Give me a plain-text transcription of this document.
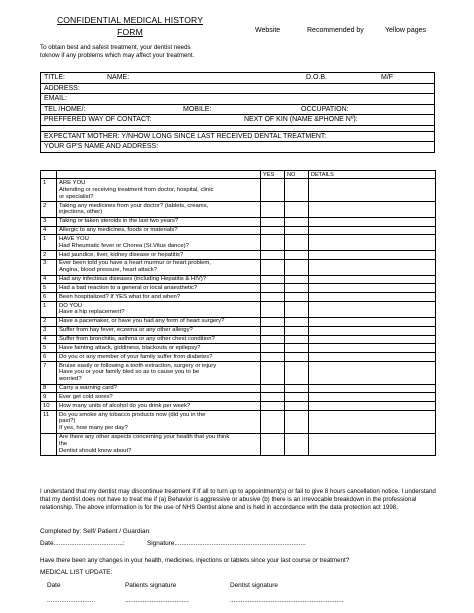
CONFIDENTIAL MEDICAL HISTORY
FORM	Website	Recommended by	Yellow pages
To obtain best and safest treatment, your dentist needs toknow if any problems which may affect your treatment.
TITLE:	NAME:	D.O.B.	M/F
ADDRESS:
EMAIL:
TEL /HOME/:	MOBILE:	OCCUPATION:
PREFFERED WAY OF CONTACT:	NEXT OF KIN (NAME &PHONE Nº):
EXPECTANT MOTHER: Y/NHOW LONG SINCE LAST RECEIVED DENTAL TREATMENT:
YOUR GP'S NAME AND ADDRESS:
		YES	NO	DETAILS
1	ARE YOU
Attending or receiving treatment from doctor, hospital, clinic
or specialist?			

2	Taking any medicines from your doctor? (tablets, creams,
injections, other)			

3	Taking or taken steroids in the last two years?			

4	Allergic to any medicines, foods or materials?			

1	HAVE YOU
Had Rheumatic fever or Chorea (St.Vitus dance)?			

2	Had jaundice, liver, kidney disease or hepatitis?			

3	Ever been told you have a heart murmur or heart problem,
Angina, blood pressure, heart attack?			

4	Had any infectious diseases (including Hepatitis & HIV)?			

5	Had a bad reaction to a general or local anaesthetic?			

6	Been hospitalized? If YES what for and when?			

1	DO YOU
Have a hip replacement?			

2	Have a pacemaker, or have you had any form of heart surgery?			

3	Suffer from hay fever, eczema or any other allergy?			

4	Suffer from bronchitis, asthma or any other chest condition?			

5	Have fainting attack, giddiness, blackouts or epilepsy?			

6	Do you or any member of your family suffer from diabetes?			

7	Bruise easily or following a tooth extraction, surgery or injury
Have you or your family bled so as to cause you to be
worried?			

8	Carry a warning card?			

9	Ever get cold sores?			

10	How many units of alcohol do you drink per week?			

11	Do you smoke any tobacco products now (did you in the
past?)
If yes, how many per day?			

	Are there any other aspects concerning your health that you think
the
Dentist should know about?			

I understand that my dentist may discontinue treatment if If all to turn up to appointment(s) or fail to give 8 hours cancellation notice. I understand that my dentist does not have to treat me if (a) Behavior is aggressive or abusive (b) there is an irrevocable breakdown in the professional relationship. The above information is for the use of NHS Dentist alone and is held in accordance with the data protection act 1998.
Completed by: Self/ Patient / Guardian:
Date.......................................:	Signature..........................................................................
Have there been any changes in your health, medicines, injections or tablets since your last course or treatment?
MEDICAL LIST UPDATE:
Date	Patients signature	Dentist signature
...........................	....................................	................................................................
